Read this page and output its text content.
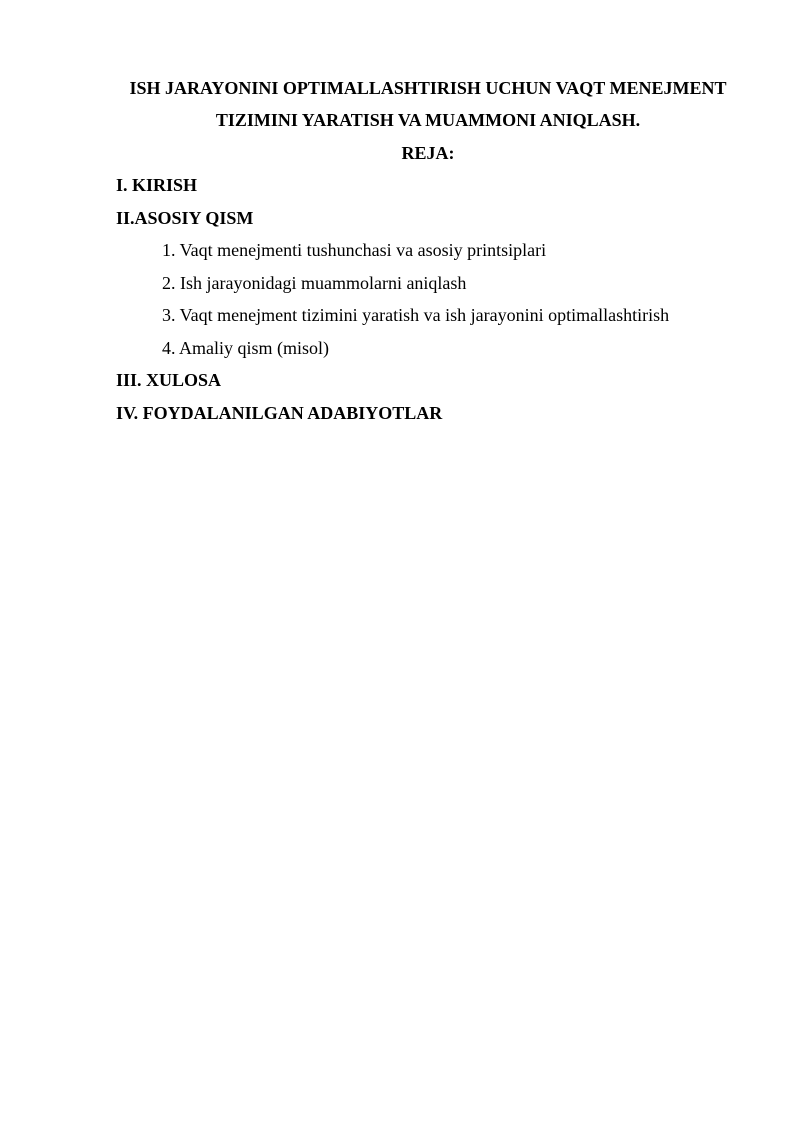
ISH JARAYONINI OPTIMALLASHTIRISH UCHUN VAQT MENEJMENT
TIZIMINI YARATISH VA MUAMMONI ANIQLASH.
REJA:
I. KIRISH
II.ASOSIY QISM
1. Vaqt menejmenti tushunchasi va asosiy printsiplari
2. Ish jarayonidagi muammolarni aniqlash
3. Vaqt menejment tizimini yaratish va ish jarayonini optimallashtirish
4. Amaliy qism (misol)
III. XULOSA
IV. FOYDALANILGAN ADABIYOTLAR
